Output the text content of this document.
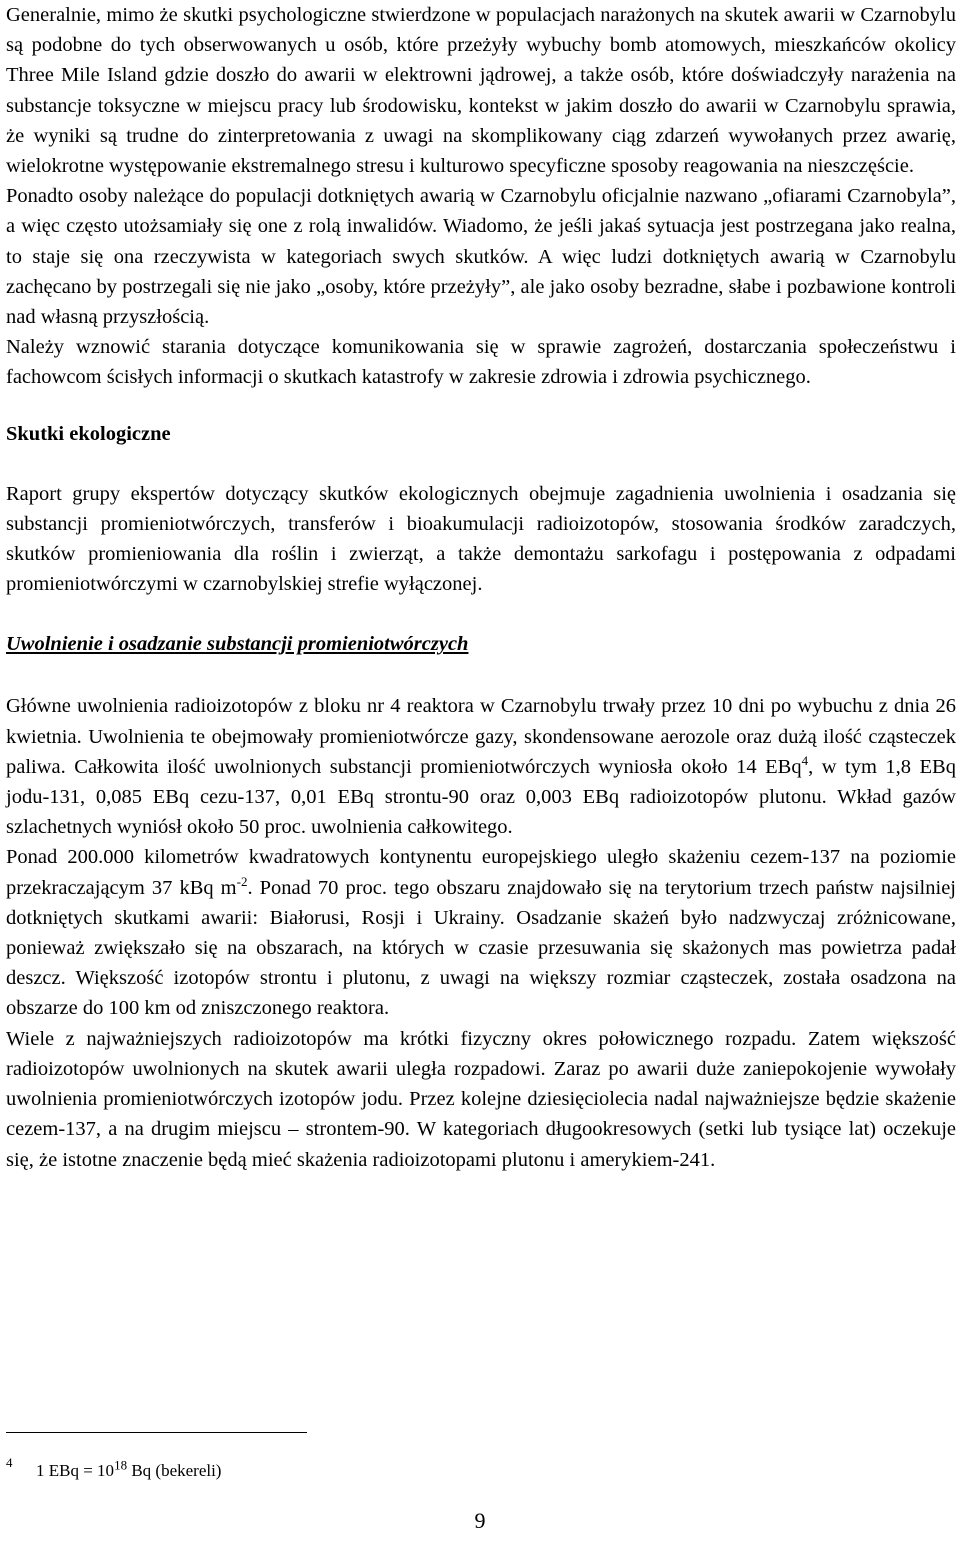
Generalnie, mimo że skutki psychologiczne stwierdzone w populacjach narażonych na skutek awarii w Czarnobylu są podobne do tych obserwowanych u osób, które przeżyły wybuchy bomb atomowych, mieszkańców okolicy Three Mile Island gdzie doszło do awarii w elektrowni jądrowej, a także osób, które doświadczyły narażenia na substancje toksyczne w miejscu pracy lub środowisku, kontekst w jakim doszło do awarii w Czarnobylu sprawia, że wyniki są trudne do zinterpretowania z uwagi na skomplikowany ciąg zdarzeń wywołanych przez awarię, wielokrotne występowanie ekstremalnego stresu i kulturowo specyficzne sposoby reagowania na nieszczęście.

Ponadto osoby należące do populacji dotkniętych awarią w Czarnobylu oficjalnie nazwano „ofiarami Czarnobyla”, a więc często utożsamiały się one z rolą inwalidów. Wiadomo, że jeśli jakaś sytuacja jest postrzegana jako realna, to staje się ona rzeczywista w kategoriach swych skutków. A więc ludzi dotkniętych awarią w Czarnobylu zachęcano by postrzegali się nie jako „osoby, które przeżyły”, ale jako osoby bezradne, słabe i pozbawione kontroli nad własną przyszłością.

Należy wznowić starania dotyczące komunikowania się w sprawie zagrożeń, dostarczania społeczeństwu i fachowcom ścisłych informacji o skutkach katastrofy w zakresie zdrowia i zdrowia psychicznego.

Skutki ekologiczne

Raport grupy ekspertów dotyczący skutków ekologicznych obejmuje zagadnienia uwolnienia i osadzania się substancji promieniotwórczych, transferów i bioakumulacji radioizotopów, stosowania środków zaradczych, skutków promieniowania dla roślin i zwierząt, a także demontażu sarkofagu i postępowania z odpadami promieniotwórczymi w czarnobylskiej strefie wyłączonej.

Uwolnienie i osadzanie substancji promieniotwórczych

Główne uwolnienia radioizotopów z bloku nr 4 reaktora w Czarnobylu trwały przez 10 dni po wybuchu z dnia 26 kwietnia. Uwolnienia te obejmowały promieniotwórcze gazy, skondensowane aerozole oraz dużą ilość cząsteczek paliwa. Całkowita ilość uwolnionych substancji promieniotwórczych wyniosła około 14 EBq$^4$, w tym 1,8 EBq jodu-131, 0,085 EBq cezu-137, 0,01 EBq strontu-90 oraz 0,003 EBq radioizotopów plutonu. Wkład gazów szlachetnych wyniósł około 50 proc. uwolnienia całkowitego.

Ponad 200.000 kilometrów kwadratowych kontynentu europejskiego uległo skażeniu cezem-137 na poziomie przekraczającym 37 kBq $m^{-2}$. Ponad 70 proc. tego obszaru znajdowało się na terytorium trzech państw najsilniej dotkniętych skutkami awarii: Białorusi, Rosji i Ukrainy. Osadzanie skażeń było nadzwyczaj zróżnicowane, ponieważ zwiększało się na obszarach, na których w czasie przesuwania się skażonych mas powietrza padał deszcz. Większość izotopów strontu i plutonu, z uwagi na większy rozmiar cząsteczek, została osadzona na obszarze do 100 km od zniszczonego reaktora.

Wiele z najważniejszych radioizotopów ma krótki fizyczny okres połowicznego rozpadu. Zatem większość radioizotopów uwolnionych na skutek awarii uległa rozpadowi. Zaraz po awarii duże zaniepokojenie wywołały uwolnienia promieniotwórczych izotopów jodu. Przez kolejne dziesięciolecia nadal najważniejsze będzie skażenie cezem-137, a na drugim miejscu – strontem-90. W kategoriach długookresowych (setki lub tysiące lat) oczekuje się, że istotne znaczenie będą mieć skażenia radioizotopami plutonu i amerykiem-241.

4 1 EBq = $10^{18}$ Bq (bekereli)
9
